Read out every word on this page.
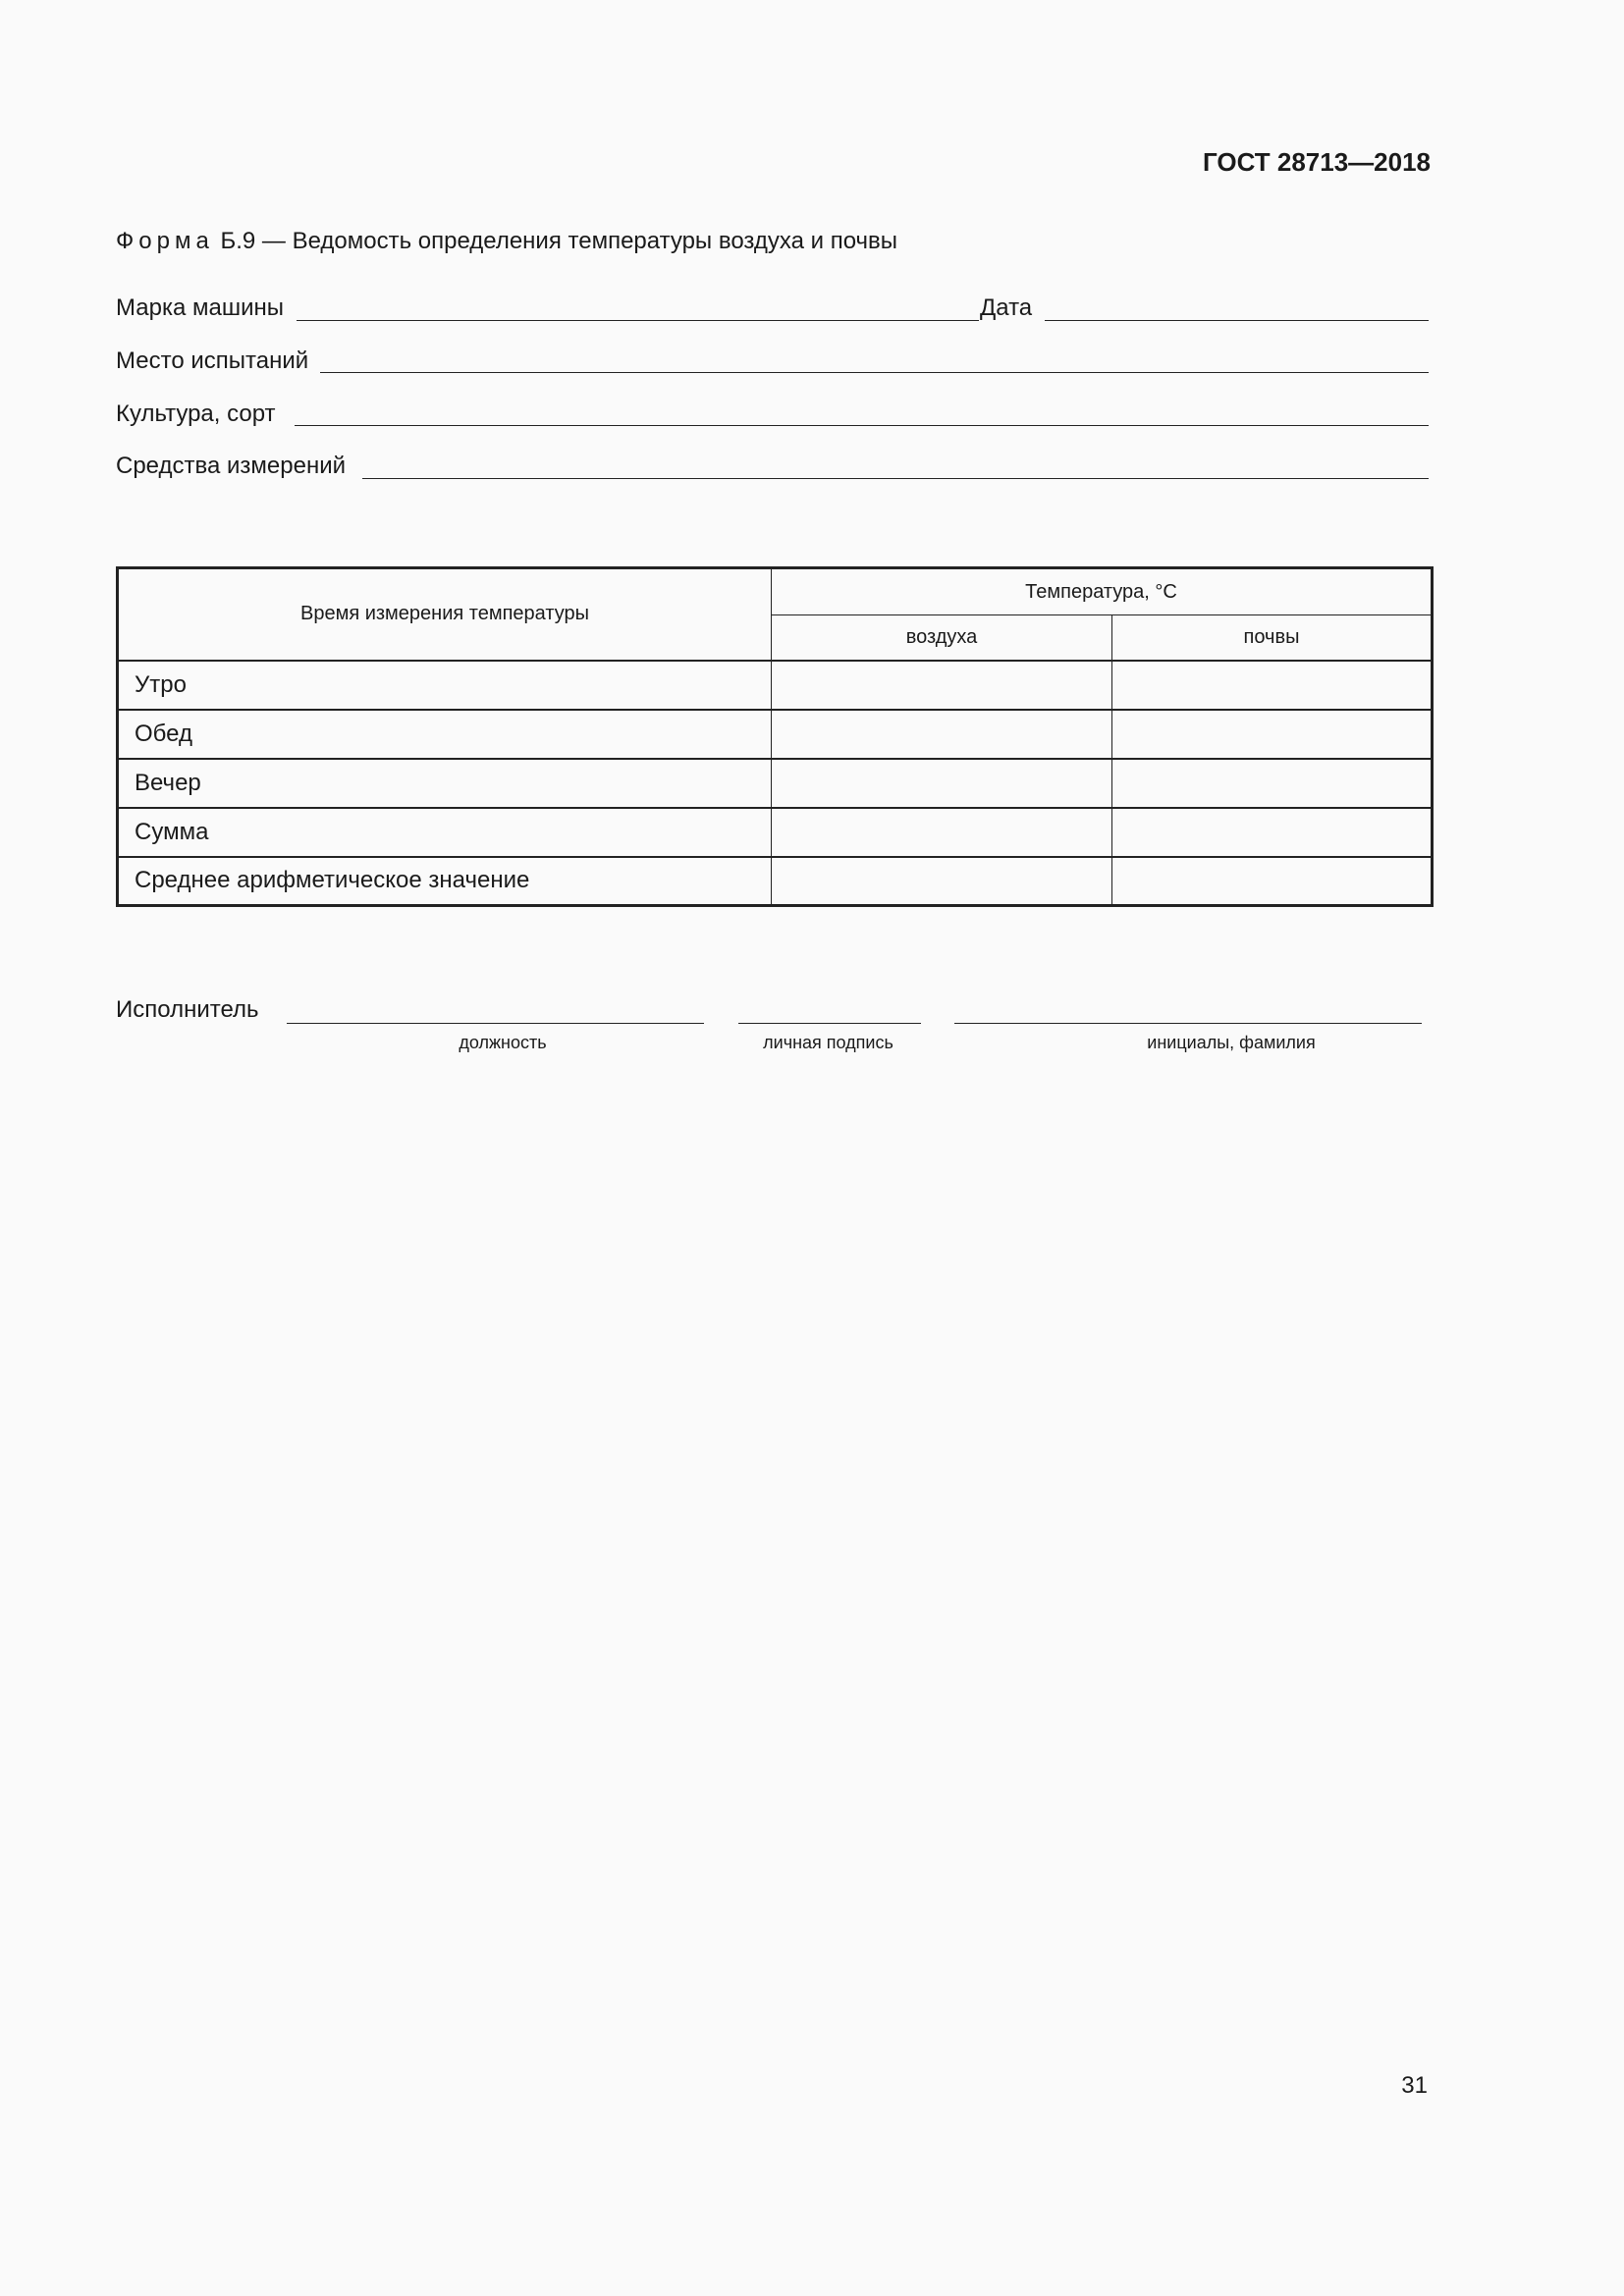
ГОСТ 28713—2018
Форма Б.9 — Ведомость определения температуры воздуха и почвы
Марка машины	Дата
Место испытаний
Культура, сорт
Средства измерений
Время измерения температуры	Температура, °С	
	воздуха	почвы
Утро		
Обед		
Вечер		
Сумма		
Среднее арифметическое значение		
Исполнитель
должность	личная подпись	инициалы, фамилия
31
